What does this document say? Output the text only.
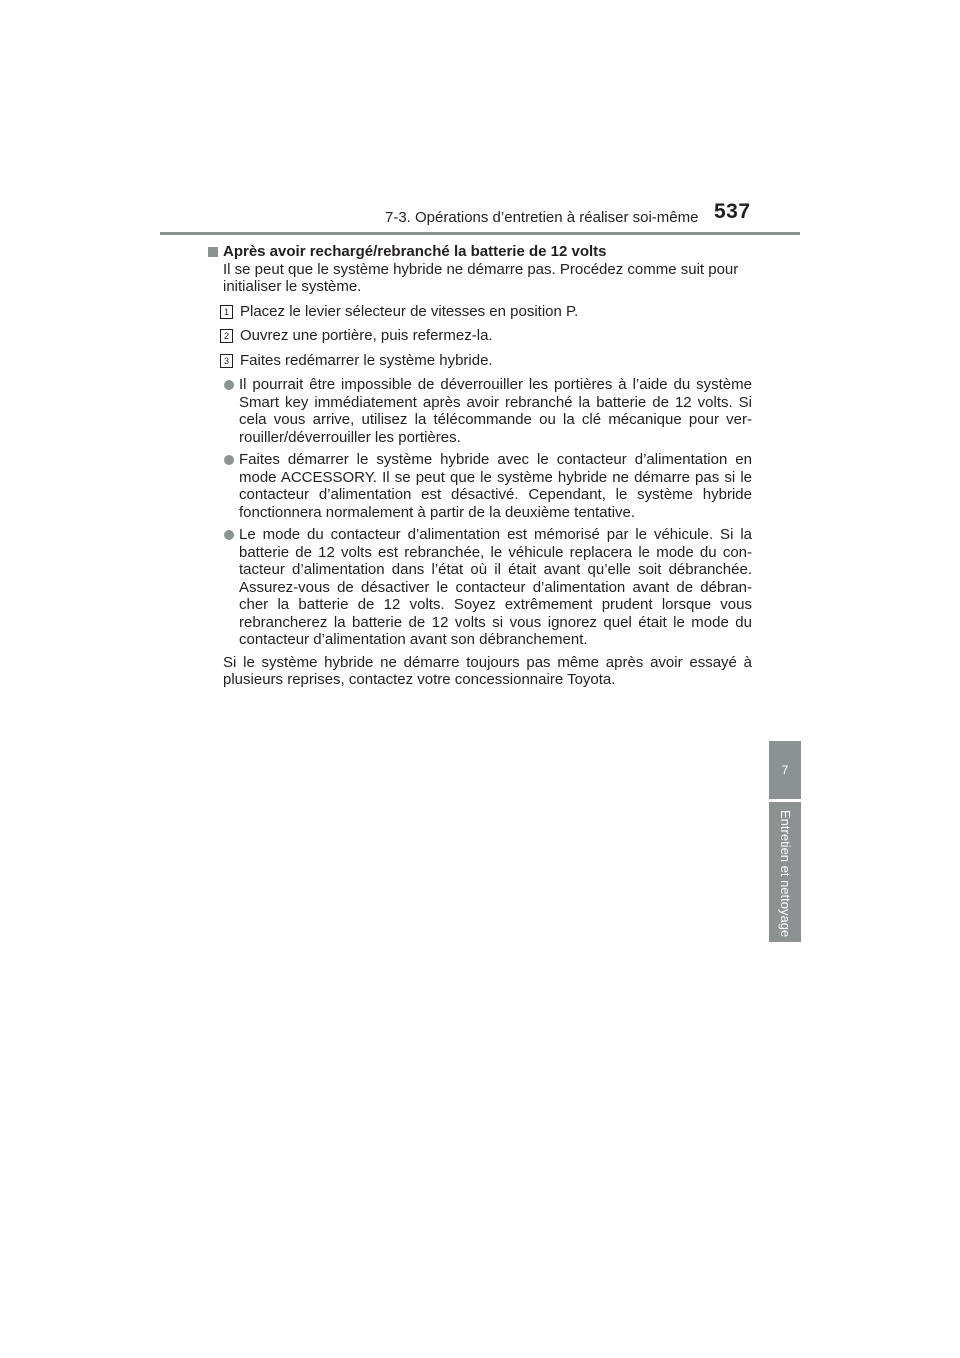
7-3. Opérations d’entretien à réaliser soi-même 537
7
Entretien et nettoyage
Après avoir rechargé/rebranché la batterie de 12 volts
Il se peut que le système hybride ne démarre pas. Procédez comme suit pour initialiser le système.
1 Placez le levier sélecteur de vitesses en position P.
2 Ouvrez une portière, puis refermez-la.
3 Faites redémarrer le système hybride.
Il pourrait être impossible de déverrouiller les portières à l’aide du système Smart key immédiatement après avoir rebranché la batterie de 12 volts. Si cela vous arrive, utilisez la télécommande ou la clé mécanique pour ver-rouiller/déverrouiller les portières.
Faites démarrer le système hybride avec le contacteur d’alimentation en mode ACCESSORY. Il se peut que le système hybride ne démarre pas si le contacteur d’alimentation est désactivé. Cependant, le système hybride fonctionnera normalement à partir de la deuxième tentative.
Le mode du contacteur d’alimentation est mémorisé par le véhicule. Si la batterie de 12 volts est rebranchée, le véhicule replacera le mode du con-tacteur d’alimentation dans l’état où il était avant qu’elle soit débranchée. Assurez-vous de désactiver le contacteur d’alimentation avant de débran-cher la batterie de 12 volts. Soyez extrêmement prudent lorsque vous rebrancherez la batterie de 12 volts si vous ignorez quel était le mode du contacteur d’alimentation avant son débranchement.
Si le système hybride ne démarre toujours pas même après avoir essayé à plusieurs reprises, contactez votre concessionnaire Toyota.
